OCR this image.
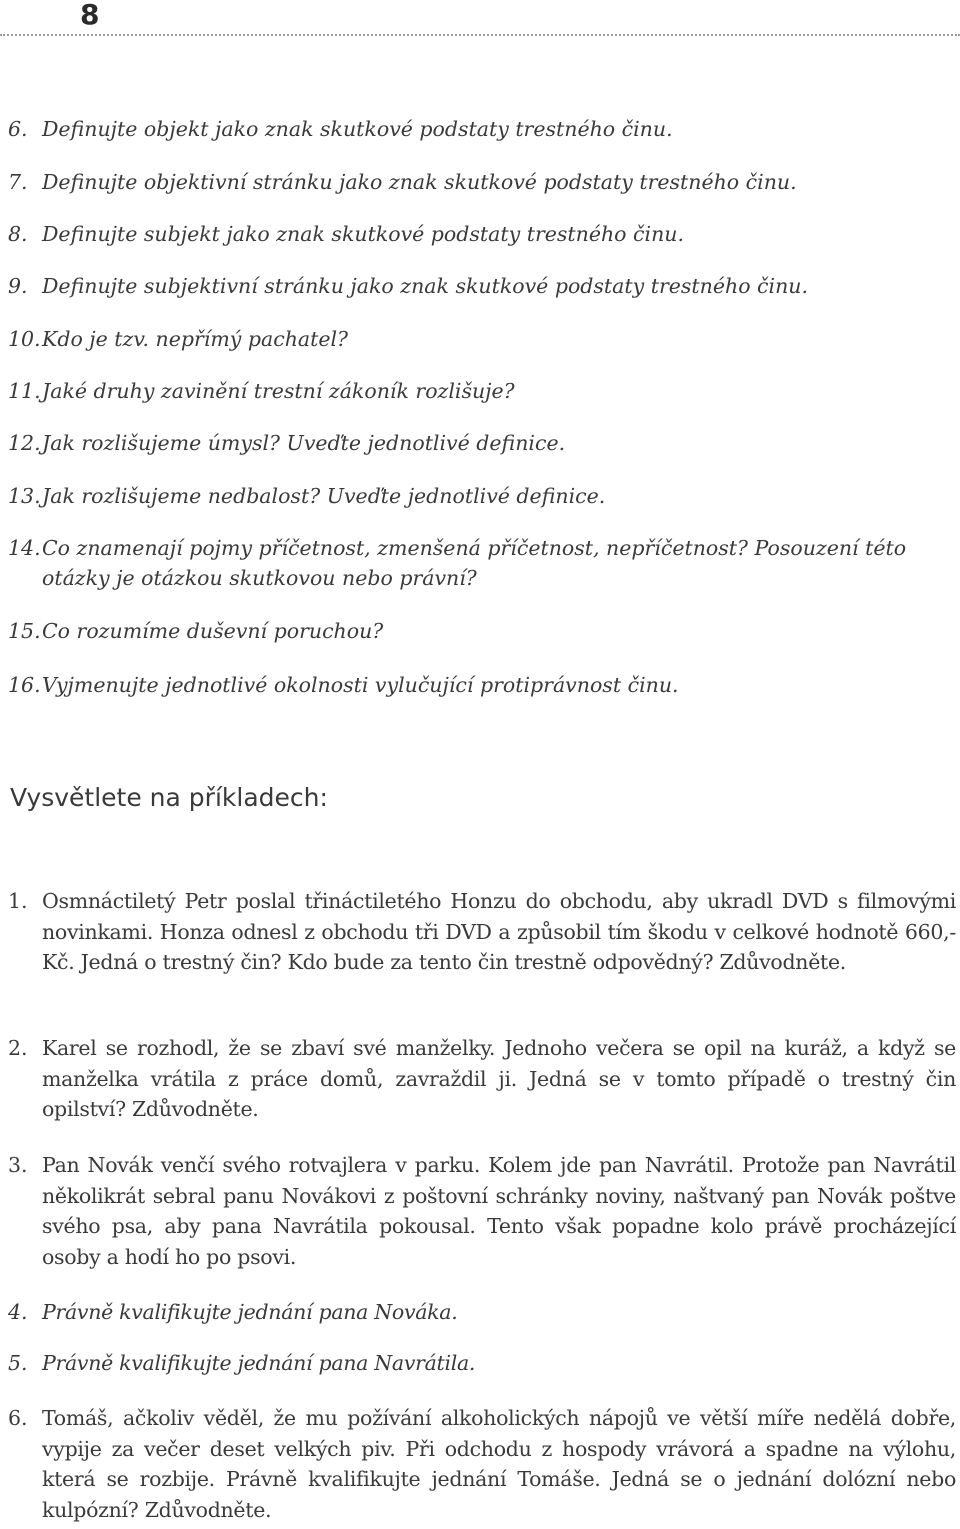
8
6. Definujte objekt jako znak skutkové podstaty trestného činu.
7. Definujte objektivní stránku jako znak skutkové podstaty trestného činu.
8. Definujte subjekt jako znak skutkové podstaty trestného činu.
9. Definujte subjektivní stránku jako znak skutkové podstaty trestného činu.
10. Kdo je tzv. nepřímý pachatel?
11. Jaké druhy zavinění trestní zákoník rozlišuje?
12. Jak rozlišujeme úmysl? Uveďte jednotlivé definice.
13. Jak rozlišujeme nedbalost? Uveďte jednotlivé definice.
14. Co znamenají pojmy příčetnost, zmenšená příčetnost, nepříčetnost? Posouzení této otázky je otázkou skutkovou nebo právní?
15. Co rozumíme duševní poruchou?
16. Vyjmenujte jednotlivé okolnosti vylučující protiprávnost činu.
Vysvětlete na příkladech:
1. Osmnáctiletý Petr poslal třináctiletého Honzu do obchodu, aby ukradl DVD s filmovými novinkami. Honza odnesl z obchodu tři DVD a způsobil tím škodu v celkové hodnotě 660,- Kč. Jedná o trestný čin? Kdo bude za tento čin trestně odpovědný? Zdůvodněte.
2. Karel se rozhodl, že se zbaví své manželky. Jednoho večera se opil na kuráž, a když se manželka vrátila z práce domů, zavraždil ji. Jedná se v tomto případě o trestný čin opilství? Zdůvodněte.
3. Pan Novák venčí svého rotvajlera v parku. Kolem jde pan Navrátil. Protože pan Navrátil několikrát sebral panu Novákovi z poštovní schránky noviny, naštvaný pan Novák poštve svého psa, aby pana Navrátila pokousal. Tento však popadne kolo právě procházející osoby a hodí ho po psovi.
4. Právně kvalifikujte jednání pana Nováka.
5. Právně kvalifikujte jednání pana Navrátila.
6. Tomáš, ačkoliv věděl, že mu požívání alkoholických nápojů ve větší míře nedělá dobře, vypije za večer deset velkých piv. Při odchodu z hospody vrávorá a spadne na výlohu, která se rozbije. Právně kvalifikujte jednání Tomáše. Jedná se o jednání dolózní nebo kulpózní? Zdůvodněte.
